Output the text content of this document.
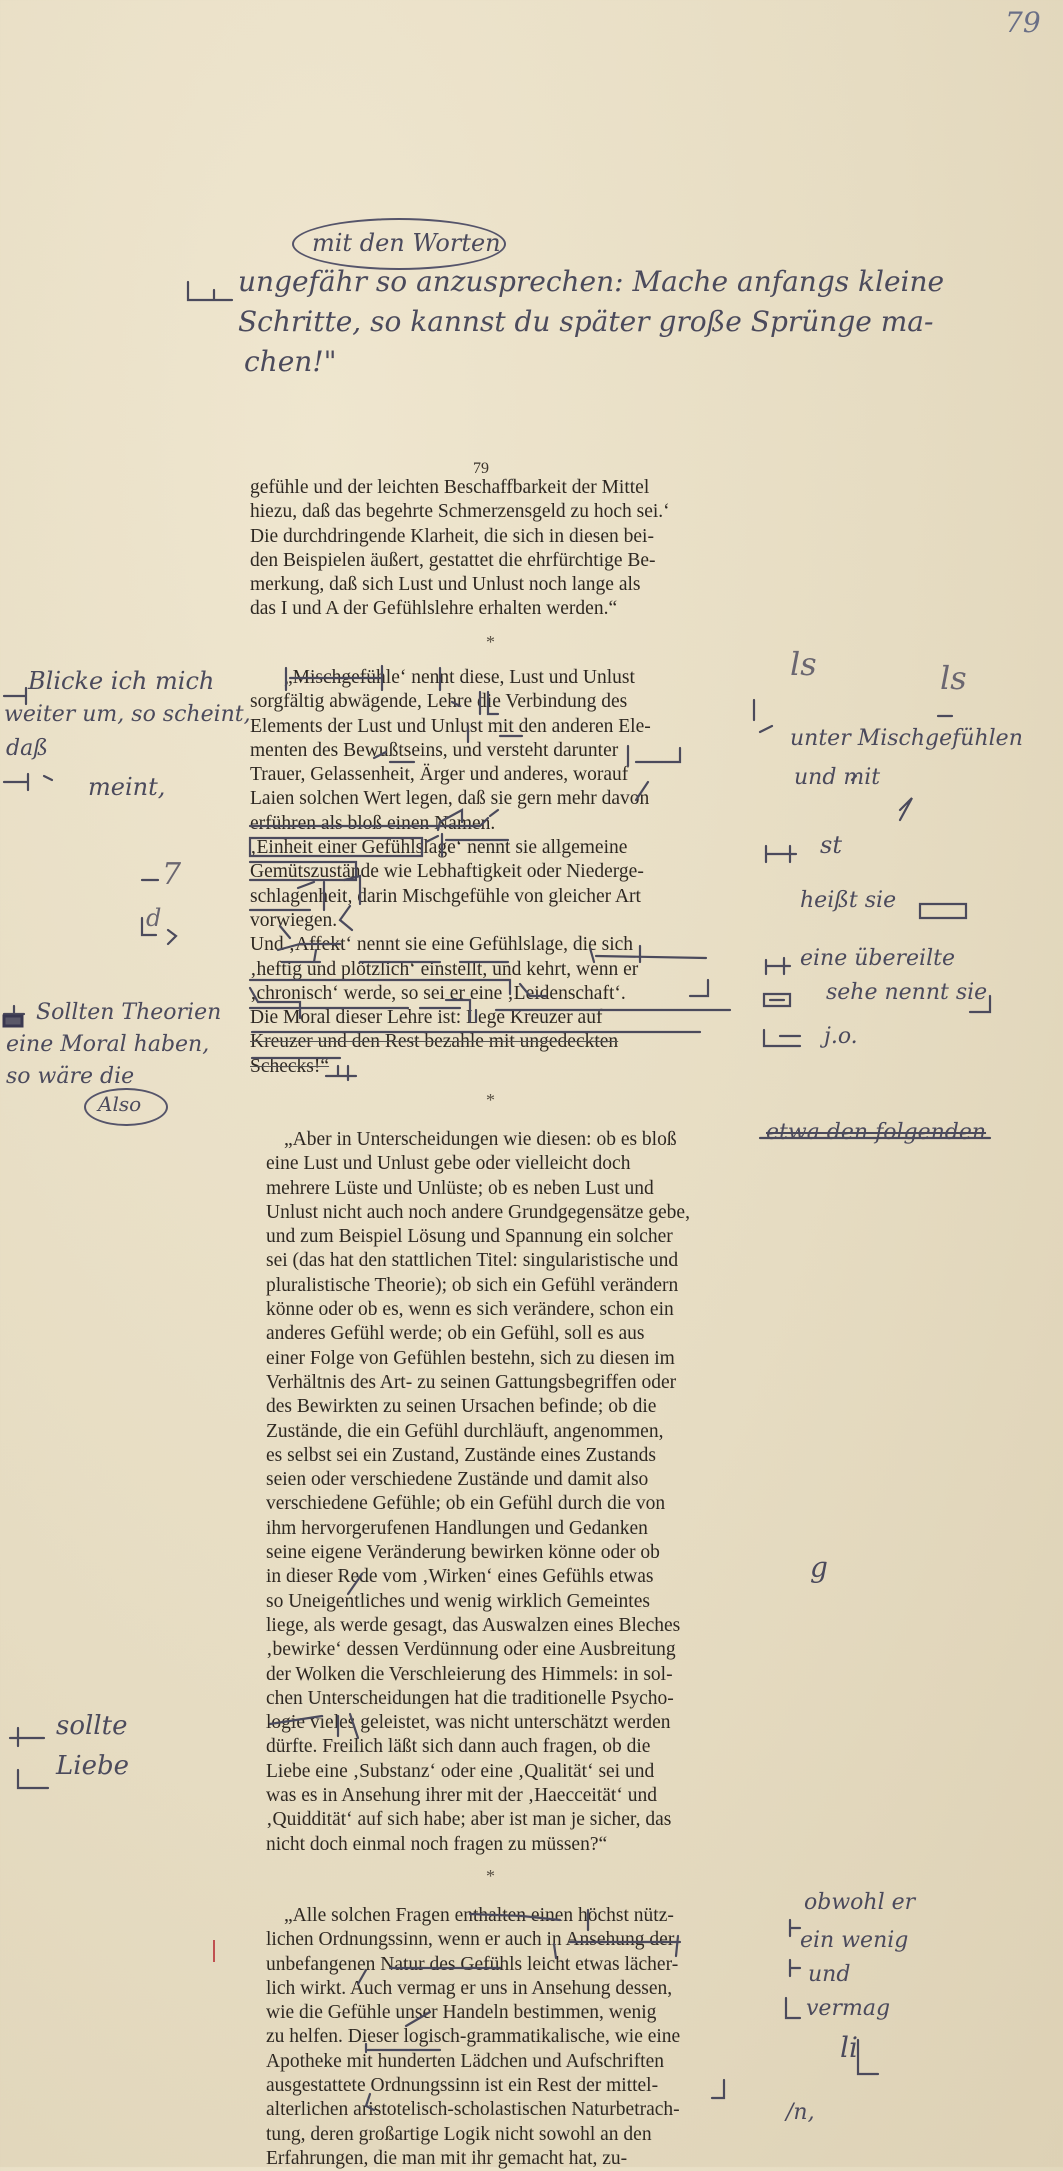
79
mit den Worten
ungefähr so anzusprechen: Mache anfangs kleine
Schritte, so kannst du später große Sprünge ma-
chen!"
79
gefühle und der leichten Beschaffbarkeit der Mittel
hiezu, daß das begehrte Schmerzensgeld zu hoch sei.‘
Die durchdringende Klarheit, die sich in diesen bei-
den Beispielen äußert, gestattet die ehrfürchtige Be-
merkung, daß sich Lust und Unlust noch lange als
das I und A der Gefühlslehre erhalten werden.“
*
„Mischgefühle‘ nennt diese, Lust und Unlust
sorgfältig abwägende, Lehre die Verbindung des
Elements der Lust und Unlust mit den anderen Ele-
menten des Bewußtseins, und versteht darunter
Trauer, Gelassenheit, Ärger und anderes, worauf
Laien solchen Wert legen, daß sie gern mehr davon
erführen als bloß einen Namen.
‚Einheit einer Gefühlslage‘ nennt sie allgemeine
Gemütszustände wie Lebhaftigkeit oder Niederge-
schlagenheit, darin Mischgefühle von gleicher Art
vorwiegen.
Und ‚Affekt‘ nennt sie eine Gefühlslage, die sich
‚heftig und plötzlich‘ einstellt, und kehrt, wenn er
‚chronisch‘ werde, so sei er eine ‚Leidenschaft‘.
Die Moral dieser Lehre ist: Lege Kreuzer auf
Kreuzer und den Rest bezahle mit ungedeckten
Schecks!“
*
„Aber in Unterscheidungen wie diesen: ob es bloß
eine Lust und Unlust gebe oder vielleicht doch
mehrere Lüste und Unlüste; ob es neben Lust und
Unlust nicht auch noch andere Grundgegensätze gebe,
und zum Beispiel Lösung und Spannung ein solcher
sei (das hat den stattlichen Titel: singularistische und
pluralistische Theorie); ob sich ein Gefühl verändern
könne oder ob es, wenn es sich verändere, schon ein
anderes Gefühl werde; ob ein Gefühl, soll es aus
einer Folge von Gefühlen bestehn, sich zu diesen im
Verhältnis des Art- zu seinen Gattungsbegriffen oder
des Bewirkten zu seinen Ursachen befinde; ob die
Zustände, die ein Gefühl durchläuft, angenommen,
es selbst sei ein Zustand, Zustände eines Zustands
seien oder verschiedene Zustände und damit also
verschiedene Gefühle; ob ein Gefühl durch die von
ihm hervorgerufenen Handlungen und Gedanken
seine eigene Veränderung bewirken könne oder ob
in dieser Rede vom ‚Wirken‘ eines Gefühls etwas
so Uneigentliches und wenig wirklich Gemeintes
liege, als werde gesagt, das Auswalzen eines Bleches
‚bewirke‘ dessen Verdünnung oder eine Ausbreitung
der Wolken die Verschleierung des Himmels: in sol-
chen Unterscheidungen hat die traditionelle Psycho-
logie vieles geleistet, was nicht unterschätzt werden
dürfte. Freilich läßt sich dann auch fragen, ob die
Liebe eine ‚Substanz‘ oder eine ‚Qualität‘ sei und
was es in Ansehung ihrer mit der ‚Haecceität‘ und
‚Quiddität‘ auf sich habe; aber ist man je sicher, das
nicht doch einmal noch fragen zu müssen?“
*
„Alle solchen Fragen enthalten einen höchst nütz-
lichen Ordnungssinn, wenn er auch in Ansehung der
unbefangenen Natur des Gefühls leicht etwas lächer-
lich wirkt. Auch vermag er uns in Ansehung dessen,
wie die Gefühle unser Handeln bestimmen, wenig
zu helfen. Dieser logisch-grammatikalische, wie eine
Apotheke mit hunderten Lädchen und Aufschriften
ausgestattete Ordnungssinn ist ein Rest der mittel-
alterlichen aristotelisch-scholastischen Naturbetrach-
tung, deren großartige Logik nicht sowohl an den
Erfahrungen, die man mit ihr gemacht hat, zu-
Blicke ich mich
weiter um, so scheint,
daß
meint,
7
d
Sollten Theorien
eine Moral haben,
so wäre die
Also
sollte
Liebe
ls	ls
unter Mischgefühlen
und mit
st
heißt sie
eine übereilte
sehe nennt sie
j.o.
etwa den folgenden
g
obwohl er
ein wenig
und
vermag
li
/n,
